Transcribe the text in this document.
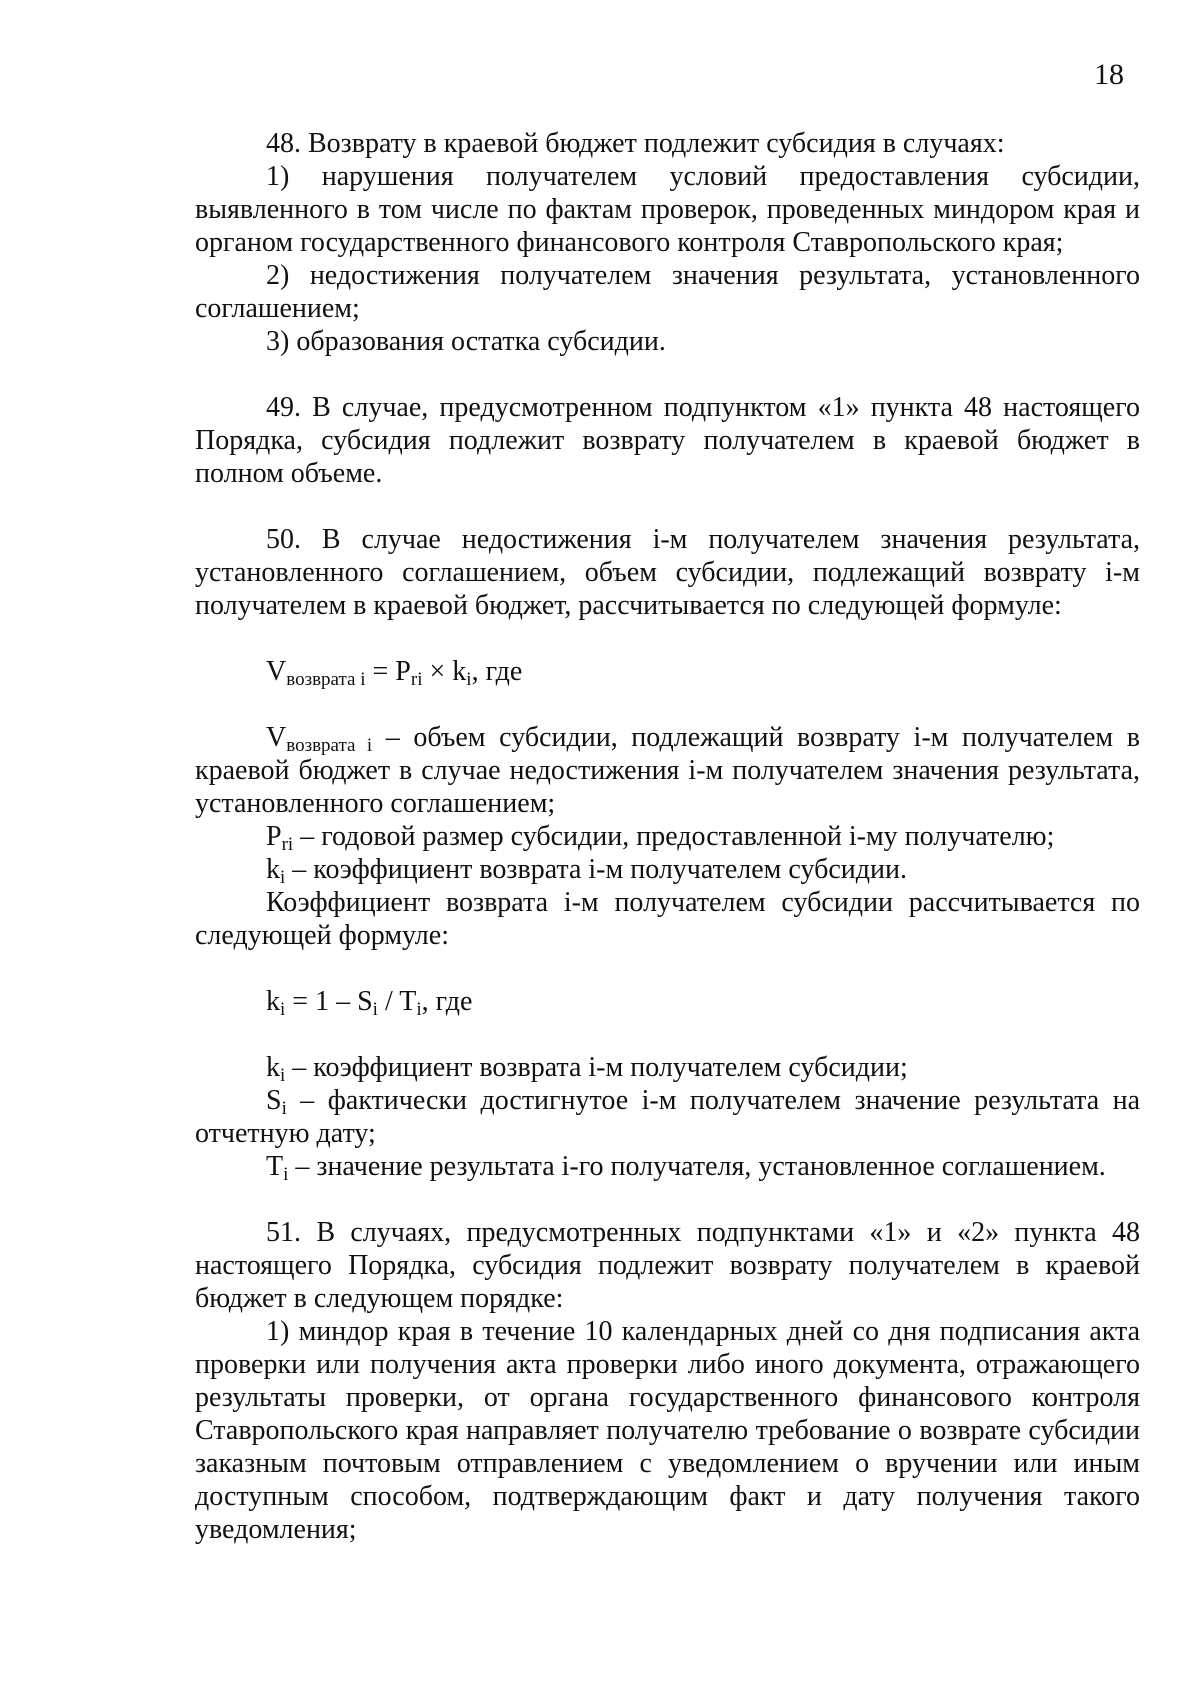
18

48. Возврату в краевой бюджет подлежит субсидия в случаях:

1) нарушения получателем условий предоставления субсидии, выявленного в том числе по фактам проверок, проведенных миндором края и органом государственного финансового контроля Ставропольского края;

2) недостижения получателем значения результата, установленного соглашением;

3) образования остатка субсидии.

49. В случае, предусмотренном подпунктом «1» пункта 48 настоящего Порядка, субсидия подлежит возврату получателем в краевой бюджет в полном объеме.

50. В случае недостижения i-м получателем значения результата, установленного соглашением, объем субсидии, подлежащий возврату i-м получателем в краевой бюджет, рассчитывается по следующей формуле:

$V_{возврата i} = P_{ri} \times k_i$, где

$V_{возврата i}$ – объем субсидии, подлежащий возврату i-м получателем в краевой бюджет в случае недостижения i-м получателем значения результата, установленного соглашением;

$P_{ri}$ – годовой размер субсидии, предоставленной i-му получателю;

$k_i$ – коэффициент возврата i-м получателем субсидии.

Коэффициент возврата i-м получателем субсидии рассчитывается по следующей формуле:

$k_i = 1 - S_i / T_i$, где

$k_i$ – коэффициент возврата i-м получателем субсидии;

$S_i$ – фактически достигнутое i-м получателем значение результата на отчетную дату;

$T_i$ – значение результата i-го получателя, установленное соглашением.

51. В случаях, предусмотренных подпунктами «1» и «2» пункта 48 настоящего Порядка, субсидия подлежит возврату получателем в краевой бюджет в следующем порядке:

1) миндор края в течение 10 календарных дней со дня подписания акта проверки или получения акта проверки либо иного документа, отражающего результаты проверки, от органа государственного финансового контроля Ставропольского края направляет получателю требование о возврате субсидии заказным почтовым отправлением с уведомлением о вручении или иным доступным способом, подтверждающим факт и дату получения такого уведомления;
